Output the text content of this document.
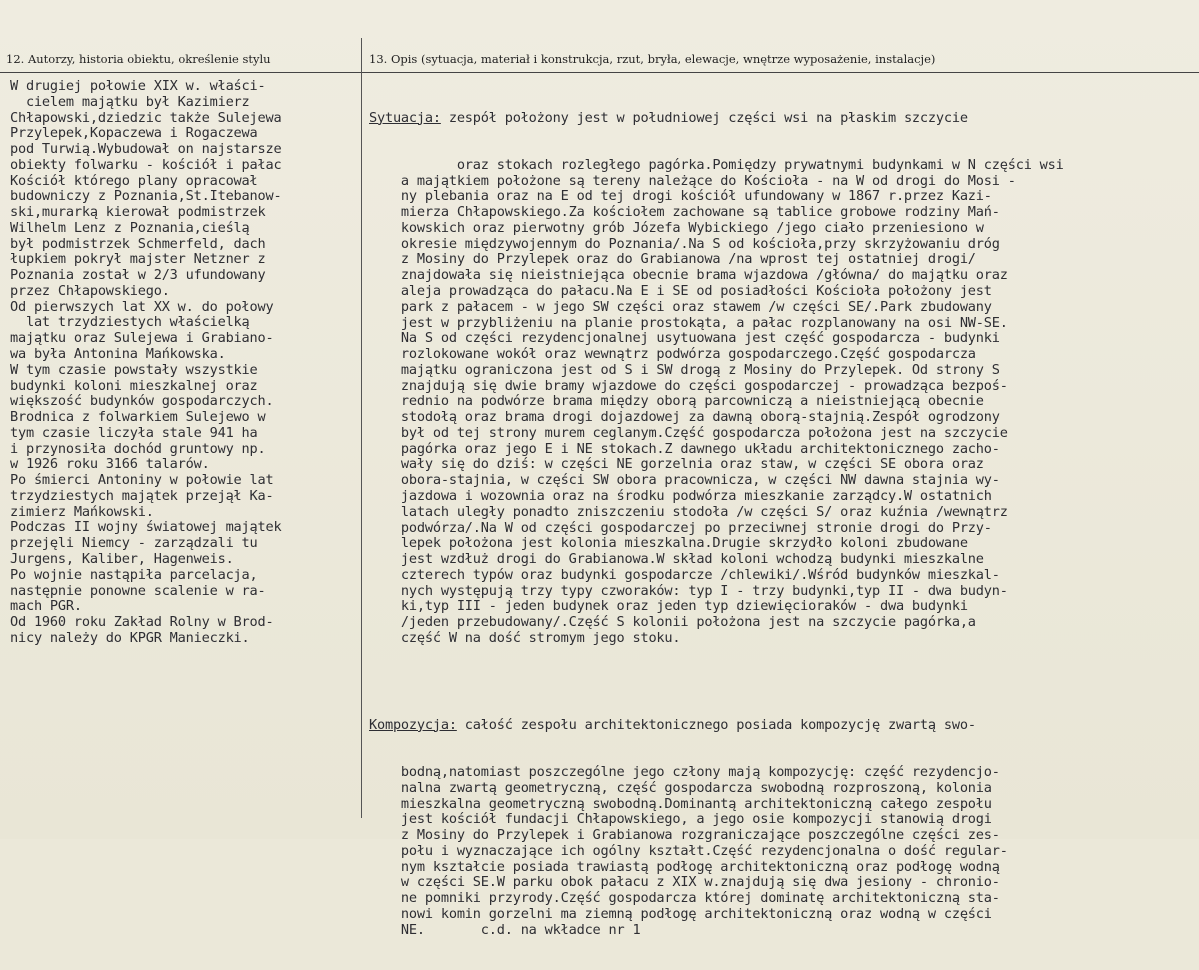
12. Autorzy, historia obiektu, określenie stylu	13. Opis (sytuacja, materiał i konstrukcja, rzut, bryła, elewacje, wnętrze wyposażenie, instalacje)
W drugiej połowie XIX w. właści-
cielem majątku był Kazimierz
Chłapowski,dziedzic także Sulejewa
Przylepek,Kopaczewa i Rogaczewa
pod Turwią.Wybudował on najstarsze
obiekty folwarku - kościół i pałac
Kościół którego plany opracował
budowniczy z Poznania,St.Itebanow-
ski,murarką kierował podmistrzek
Wilhelm Lenz z Poznania,cieślą
był podmistrzek Schmerfeld, dach
łupkiem pokrył majster Netzner z
Poznania został w 2/3 ufundowany
przez Chłapowskiego.
Od pierwszych lat XX w. do połowy
lat trzydziestych właścielką
majątku oraz Sulejewa i Grabiano-
wa była Antonina Mańkowska.
W tym czasie powstały wszystkie
budynki koloni mieszkalnej oraz
większość budynków gospodarczych.
Brodnica z folwarkiem Sulejewo w
tym czasie liczyła stale 941 ha
i przynosiła dochód gruntowy np.
w 1926 roku 3166 talarów.
Po śmierci Antoniny w połowie lat
trzydziestych majątek przejął Ka-
zimierz Mańkowski.
Podczas II wojny światowej majątek
przejęli Niemcy - zarządzali tu
Jurgens, Kaliber, Hagenweis.
Po wojnie nastąpiła parcelacja,
następnie ponowne scalenie w ra-
mach PGR.
Od 1960 roku Zakład Rolny w Brod-
nicy należy do KPGR Manieczki.

Sytuacja: zespół położony jest w południowej części wsi na płaskim szczycie

oraz stokach rozległego pagórka.Pomiędzy prywatnymi budynkami w N części wsi
a majątkiem położone są tereny należące do Kościoła - na W od drogi do Mosi -
ny plebania oraz na E od tej drogi kościół ufundowany w 1867 r.przez Kazi-
mierza Chłapowskiego.Za kościołem zachowane są tablice grobowe rodziny Mań-
kowskich oraz pierwotny grób Józefa Wybickiego /jego ciało przeniesiono w
okresie międzywojennym do Poznania/.Na S od kościoła,przy skrzyżowaniu dróg
z Mosiny do Przylepek oraz do Grabianowa /na wprost tej ostatniej drogi/
znajdowała się nieistniejąca obecnie brama wjazdowa /główna/ do majątku oraz
aleja prowadząca do pałacu.Na E i SE od posiadłości Kościoła położony jest
park z pałacem - w jego SW części oraz stawem /w części SE/.Park zbudowany
jest w przybliżeniu na planie prostokąta, a pałac rozplanowany na osi NW-SE.
Na S od części rezydencjonalnej usytuowana jest część gospodarcza - budynki
rozlokowane wokół oraz wewnątrz podwórza gospodarczego.Część gospodarcza
majątku ograniczona jest od S i SW drogą z Mosiny do Przylepek. Od strony S
znajdują się dwie bramy wjazdowe do części gospodarczej - prowadząca bezpoś-
rednio na podwórze brama między oborą parcowniczą a nieistniejącą obecnie
stodołą oraz brama drogi dojazdowej za dawną oborą-stajnią.Zespół ogrodzony
był od tej strony murem ceglanym.Część gospodarcza położona jest na szczycie
pagórka oraz jego E i NE stokach.Z dawnego układu architektonicznego zacho-
wały się do dziś: w części NE gorzelnia oraz staw, w części SE obora oraz
obora-stajnia, w części SW obora pracownicza, w części NW dawna stajnia wy-
jazdowa i wozownia oraz na środku podwórza mieszkanie zarządcy.W ostatnich
latach uległy ponadto zniszczeniu stodoła /w części S/ oraz kuźnia /wewnątrz
podwórza/.Na W od części gospodarczej po przeciwnej stronie drogi do Przy-
lepek położona jest kolonia mieszkalna.Drugie skrzydło koloni zbudowane
jest wzdłuż drogi do Grabianowa.W skład koloni wchodzą budynki mieszkalne
czterech typów oraz budynki gospodarcze /chlewiki/.Wśród budynków mieszkal-
nych występują trzy typy czworaków: typ I - trzy budynki,typ II - dwa budyn-
ki,typ III - jeden budynek oraz jeden typ dziewięcioraków - dwa budynki
/jeden przebudowany/.Część S kolonii położona jest na szczycie pagórka,a
część W na dość stromym jego stoku.

Kompozycja: całość zespołu architektonicznego posiada kompozycję zwartą swo-

bodną,natomiast poszczególne jego człony mają kompozycję: część rezydencjo-
nalna zwartą geometryczną, część gospodarcza swobodną rozproszoną, kolonia
mieszkalna geometryczną swobodną.Dominantą architektoniczną całego zespołu
jest kościół fundacji Chłapowskiego, a jego osie kompozycji stanowią drogi
z Mosiny do Przylepek i Grabianowa rozgraniczające poszczególne części zes-
połu i wyznaczające ich ogólny kształt.Część rezydencjonalna o dość regular-
nym kształcie posiada trawiastą podłogę architektoniczną oraz podłogę wodną
w części SE.W parku obok pałacu z XIX w.znajdują się dwa jesiony - chronio-
ne pomniki przyrody.Część gospodarcza której dominatę architektoniczną sta-
nowi komin gorzelni ma ziemną podłogę architektoniczną oraz wodną w części
NE.       c.d. na wkładce nr 1
